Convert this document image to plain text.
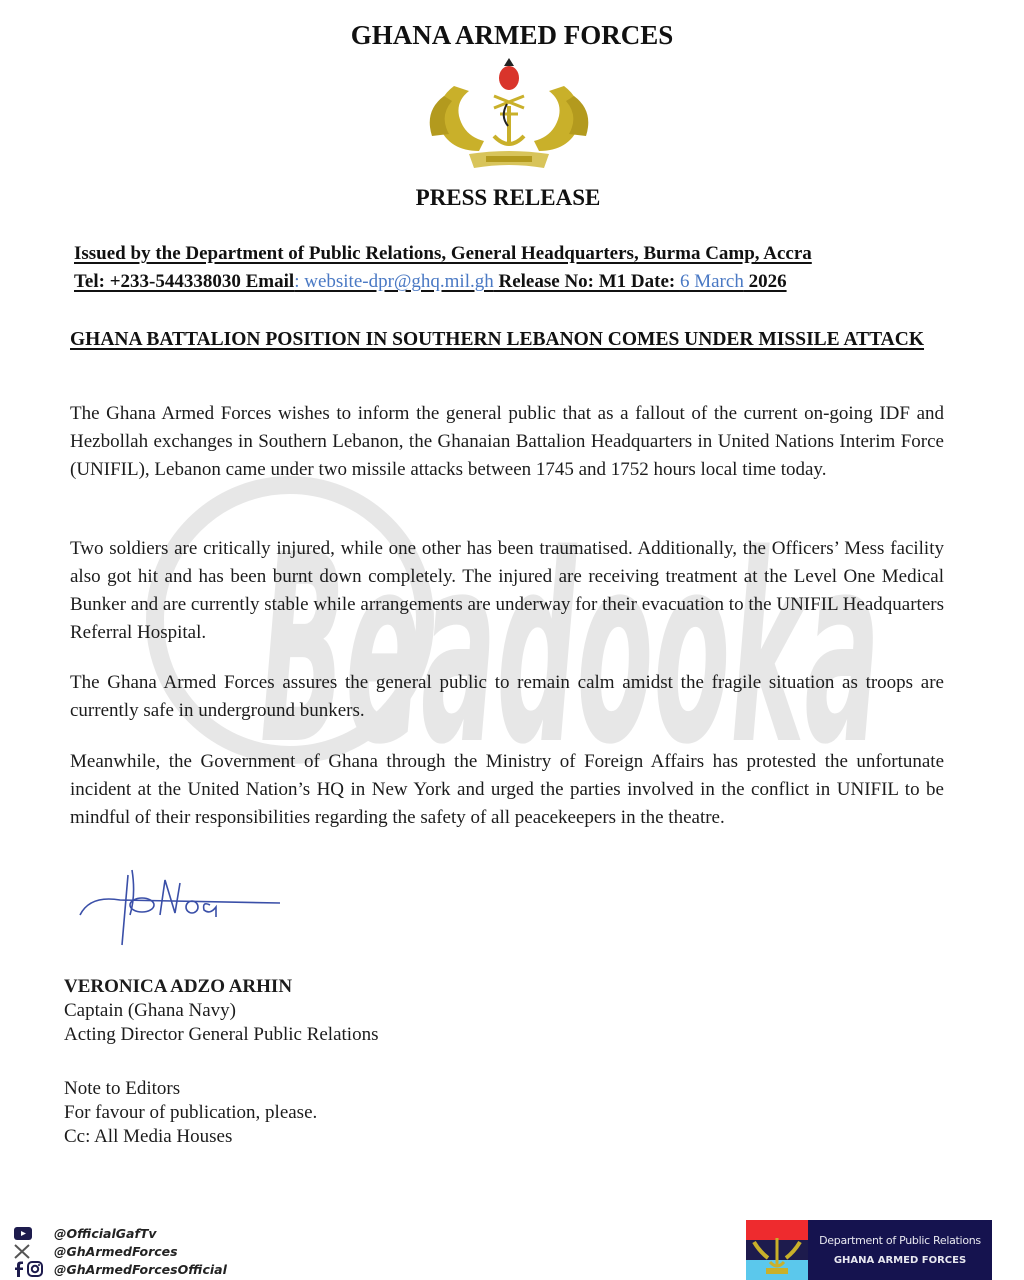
Beadooka
GHANA ARMED FORCES
PRESS RELEASE
Issued by the Department of Public Relations, General Headquarters, Burma Camp, Accra
Tel: +233-544338030 Email: website-dpr@ghq.mil.gh Release No: M1 Date: 6 March 2026
GHANA BATTALION POSITION IN SOUTHERN LEBANON COMES UNDER MISSILE ATTACK

The Ghana Armed Forces wishes to inform the general public that as a fallout of the current on-going IDF and Hezbollah exchanges in Southern Lebanon, the Ghanaian Battalion Headquarters in United Nations Interim Force (UNIFIL), Lebanon came under two missile attacks between 1745 and 1752 hours local time today.

Two soldiers are critically injured, while one other has been traumatised. Additionally, the Officers’ Mess facility also got hit and has been burnt down completely. The injured are receiving treatment at the Level One Medical Bunker and are currently stable while arrangements are underway for their evacuation to the UNIFIL Headquarters Referral Hospital.

The Ghana Armed Forces assures the general public to remain calm amidst the fragile situation as troops are currently safe in underground bunkers.

Meanwhile, the Government of Ghana through the Ministry of Foreign Affairs has protested the unfortunate incident at the United Nation’s HQ in New York and urged the parties involved in the conflict in UNIFIL to be mindful of their responsibilities regarding the safety of all peacekeepers in the theatre.

VERONICA ADZO ARHIN
Captain (Ghana Navy)
Acting Director General Public Relations
Note to Editors
For favour of publication, please.
Cc: All Media Houses
@OfficialGafTv
@GhArmedForces
@GhArmedForcesOfficial
Department of Public Relations
GHANA ARMED FORCES
